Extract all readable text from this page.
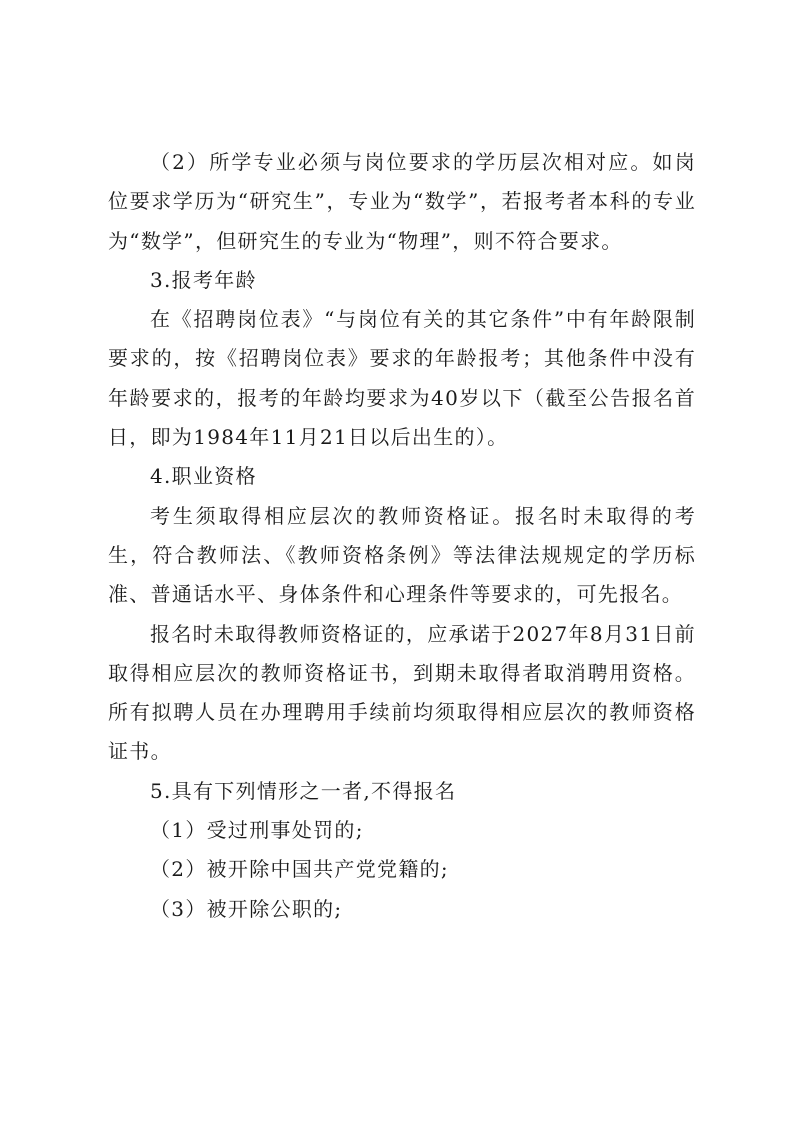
（2）所学专业必须与岗位要求的学历层次相对应。如岗位要求学历为“研究生”，专业为“数学”，若报考者本科的专业为“数学”，但研究生的专业为“物理”，则不符合要求。

3.报考年龄

在《招聘岗位表》“与岗位有关的其它条件”中有年龄限制要求的，按《招聘岗位表》要求的年龄报考；其他条件中没有年龄要求的，报考的年龄均要求为40岁以下（截至公告报名首日，即为1984年11月21日以后出生的）。

4.职业资格

考生须取得相应层次的教师资格证。报名时未取得的考生，符合教师法、《教师资格条例》等法律法规规定的学历标准、普通话水平、身体条件和心理条件等要求的，可先报名。

报名时未取得教师资格证的，应承诺于2027年8月31日前取得相应层次的教师资格证书，到期未取得者取消聘用资格。所有拟聘人员在办理聘用手续前均须取得相应层次的教师资格证书。

5.具有下列情形之一者,不得报名

（1）受过刑事处罚的;

（2）被开除中国共产党党籍的;

（3）被开除公职的;
